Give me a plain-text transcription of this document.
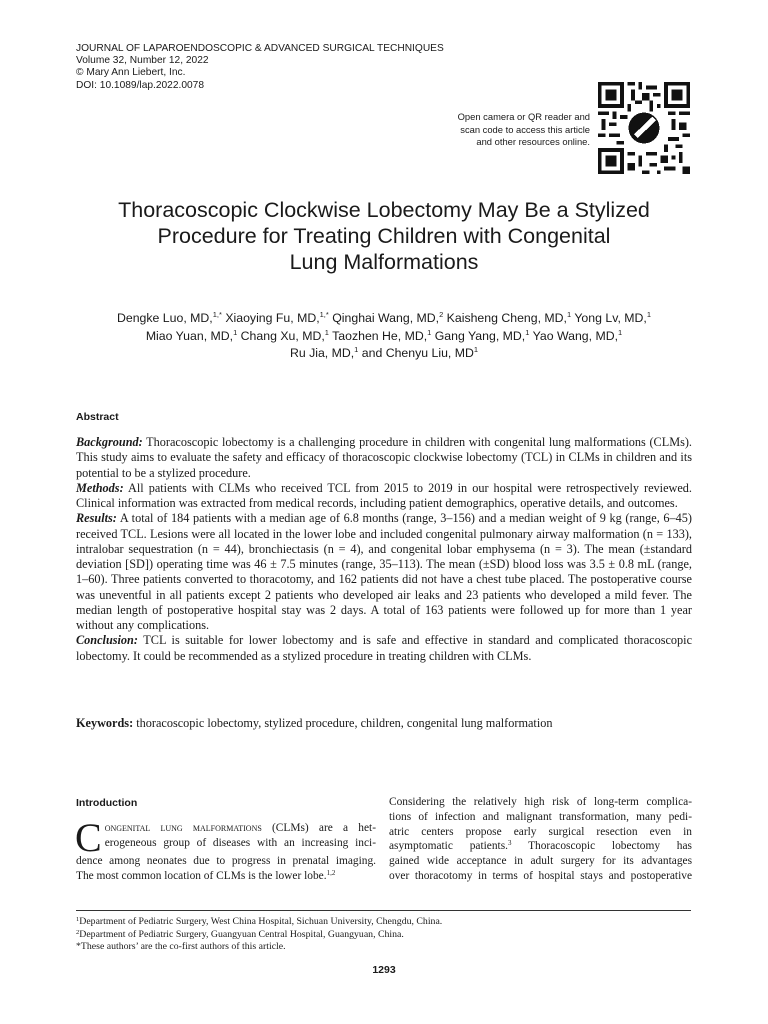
JOURNAL OF LAPAROENDOSCOPIC & ADVANCED SURGICAL TECHNIQUES
Volume 32, Number 12, 2022
© Mary Ann Liebert, Inc.
DOI: 10.1089/lap.2022.0078
Open camera or QR reader and
scan code to access this article
and other resources online.
Thoracoscopic Clockwise Lobectomy May Be a Stylized
Procedure for Treating Children with Congenital
Lung Malformations
Dengke Luo, MD,$^{1,*}$ Xiaoying Fu, MD,$^{1,*}$ Qinghai Wang, MD,$^2$ Kaisheng Cheng, MD,$^1$ Yong Lv, MD,$^1$
Miao Yuan, MD,$^1$ Chang Xu, MD,$^1$ Taozhen He, MD,$^1$ Gang Yang, MD,$^1$ Yao Wang, MD,$^1$
Ru Jia, MD,$^1$ and Chenyu Liu, $MD^1$
Abstract

Background: Thoracoscopic lobectomy is a challenging procedure in children with congenital lung malformations (CLMs). This study aims to evaluate the safety and efficacy of thoracoscopic clockwise lobectomy (TCL) in CLMs in children and its potential to be a stylized procedure.

Methods: All patients with CLMs who received TCL from 2015 to 2019 in our hospital were retrospectively reviewed. Clinical information was extracted from medical records, including patient demographics, operative details, and outcomes.

Results: A total of 184 patients with a median age of 6.8 months (range, 3–156) and a median weight of 9 kg (range, 6–45) received TCL. Lesions were all located in the lower lobe and included congenital pulmonary airway malformation (n = 133), intralobar sequestration (n = 44), bronchiectasis (n = 4), and congenital lobar emphysema (n = 3). The mean (±standard deviation [SD]) operating time was 46 ± 7.5 minutes (range, 35–113). The mean (±SD) blood loss was 3.5 ± 0.8 mL (range, 1–60). Three patients converted to thoracotomy, and 162 patients did not have a chest tube placed. The postoperative course was uneventful in all patients except 2 patients who developed air leaks and 23 patients who developed a mild fever. The median length of postoperative hospital stay was 2 days. A total of 163 patients were followed up for more than 1 year without any complications.

Conclusion: TCL is suitable for lower lobectomy and is safe and effective in standard and complicated thoracoscopic lobectomy. It could be recommended as a stylized procedure in treating children with CLMs.

Keywords: thoracoscopic lobectomy, stylized procedure, children, congenital lung malformation
Introduction
C ongenital lung malformations (CLMs) are a het-
erogeneous group of diseases with an increasing inci-
dence among neonates due to progress in prenatal imaging.
The most common location of CLMs is the lower lobe.$^{1,2}$
Considering the relatively high risk of long-term complica-
tions of infection and malignant transformation, many pedi-
atric centers propose early surgical resection even in
asymptomatic patients.$^3$ Thoracoscopic lobectomy has
gained wide acceptance in adult surgery for its advantages
over thoracotomy in terms of hospital stays and postoperative
$^1$Department of Pediatric Surgery, West China Hospital, Sichuan University, Chengdu, China.
$^2$Department of Pediatric Surgery, Guangyuan Central Hospital, Guangyuan, China.
*These authors’ are the co-first authors of this article.
1293
